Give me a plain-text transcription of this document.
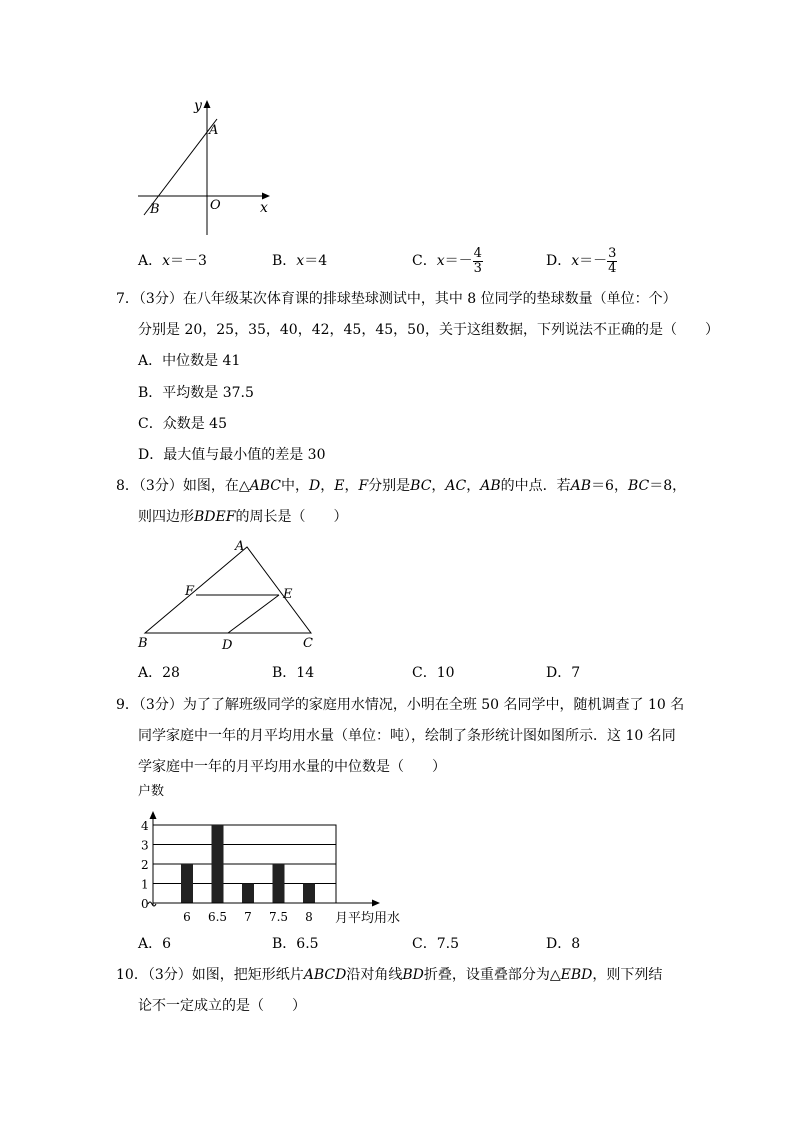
y
A
B	O	x
A．x＝－3	B．x＝4	C．$x=- \frac{4}{3}$	D．$x=- \frac{3}{4}$
7．（3分）在八年级某次体育课的排球垫球测试中，其中 8 位同学的垫球数量（单位：个）
分别是 20，25，35，40，42，45，45，50，关于这组数据，下列说法不正确的是（　　）
A．中位数是 41
B．平均数是 37.5
C．众数是 45
D．最大值与最小值的差是 30
8．（3分）如图，在△ABC中，D，E，F分别是BC，AC，AB的中点．若AB＝6，BC＝8，
则四边形BDEF的周长是（　　）
A
F	E
B	D	C
A．28	B．14	C．10	D．7
9．（3分）为了了解班级同学的家庭用水情况，小明在全班 50 名同学中，随机调查了 10 名
同学家庭中一年的月平均用水量（单位：吨），绘制了条形统计图如图所示．这 10 名同
学家庭中一年的月平均用水量的中位数是（　　）
户数
月平均用水
0
1
2
3
4
6 6.5 7 7.5 8
A．6	B．6.5	C．7.5	D．8
10．（3分）如图，把矩形纸片ABCD沿对角线BD折叠，设重叠部分为△EBD，则下列结
论不一定成立的是（　　）
